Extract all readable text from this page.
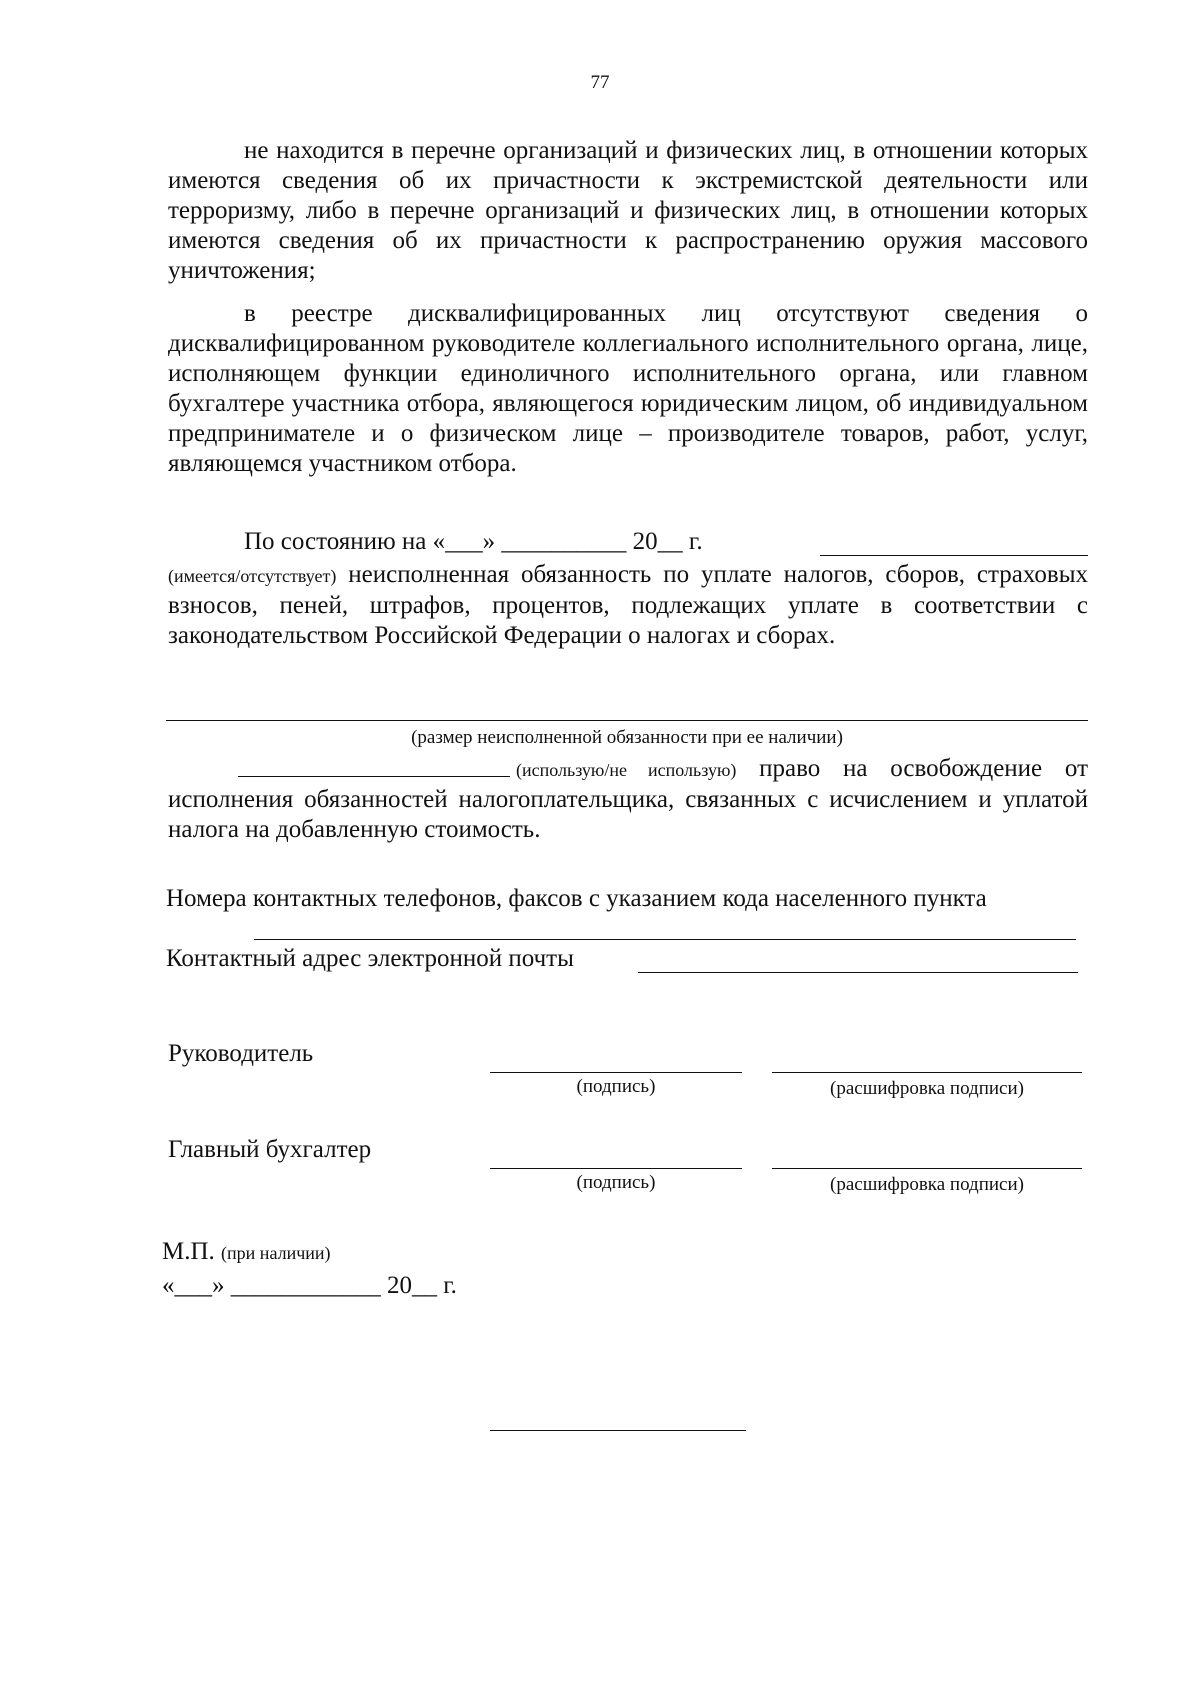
77
не находится в перечне организаций и физических лиц, в отношении которых имеются сведения об их причастности к экстремистской деятельности или терроризму, либо в перечне организаций и физических лиц, в отношении которых имеются сведения об их причастности к распространению оружия массового уничтожения;
в реестре дисквалифицированных лиц отсутствуют сведения о дисквалифицированном руководителе коллегиального исполнительного органа, лице, исполняющем функции единоличного исполнительного органа, или главном бухгалтере участника отбора, являющегося юридическим лицом, об индивидуальном предпринимателе и о физическом лице – производителе товаров, работ, услуг, являющемся участником отбора.
По состоянию на «___» __________ 20__ г.
(имеется/отсутствует) неисполненная обязанность по уплате налогов, сборов, страховых взносов, пеней, штрафов, процентов, подлежащих уплате в соответствии с законодательством Российской Федерации о налогах и сборах.
(размер неисполненной обязанности при ее наличии)
(использую/не использую) право на освобождение от исполнения обязанностей налогоплательщика, связанных с исчислением и уплатой налога на добавленную стоимость.
Номера контактных телефонов, факсов с указанием кода населенного пункта
Контактный адрес электронной почты
Руководитель
(подпись)	(расшифровка подписи)
Главный бухгалтер
(подпись)	(расшифровка подписи)
М.П. (при наличии)
«___» ____________ 20__ г.
